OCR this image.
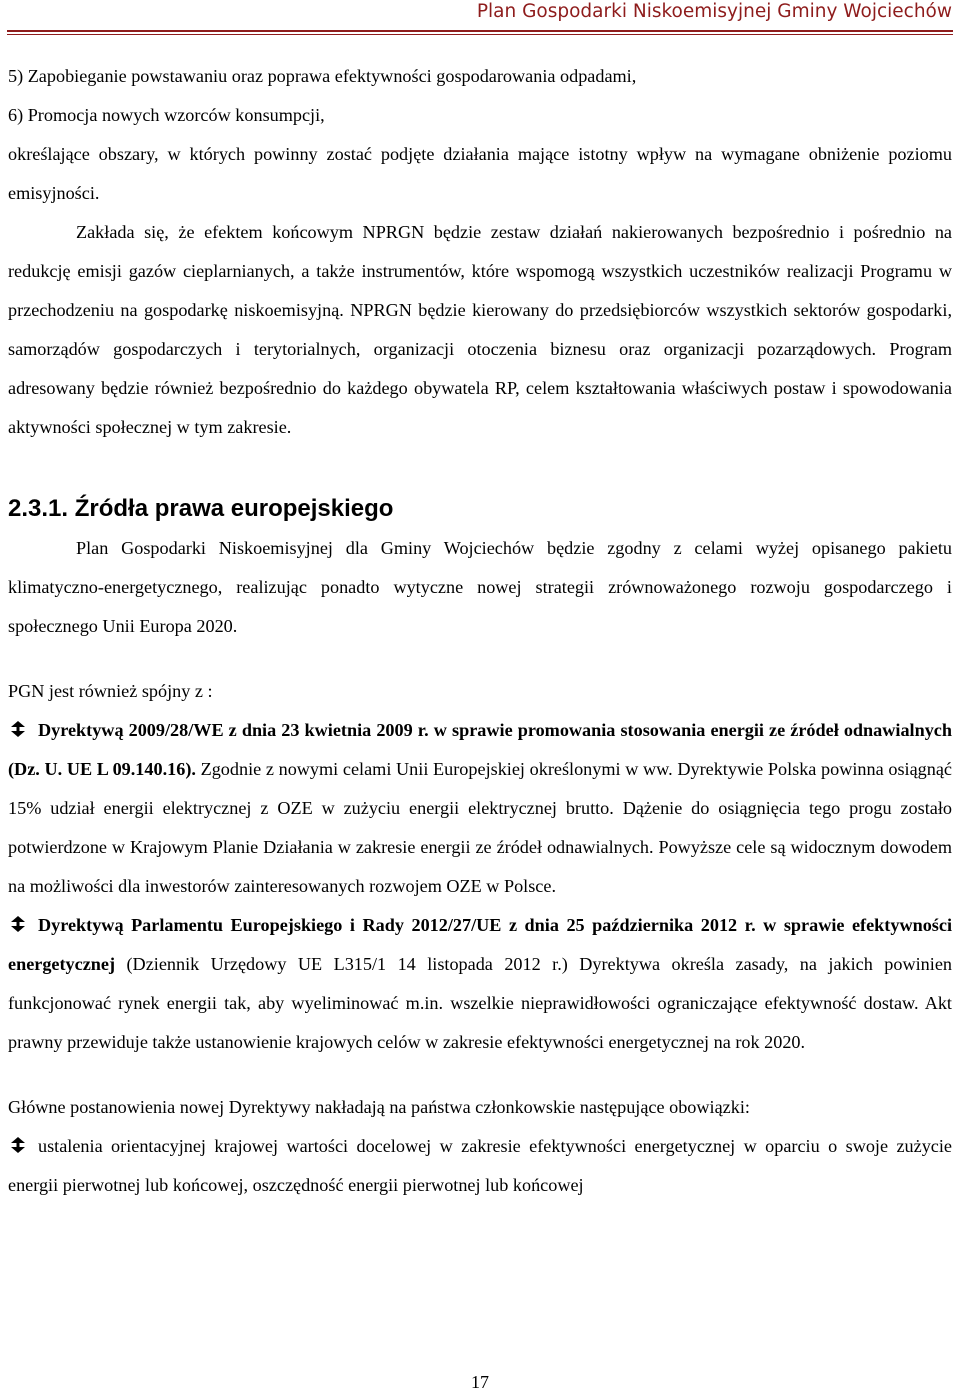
Plan Gospodarki Niskoemisyjnej Gminy Wojciechów

5) Zapobieganie powstawaniu oraz poprawa efektywności gospodarowania odpadami,

6) Promocja nowych wzorców konsumpcji,

określające obszary, w których powinny zostać podjęte działania mające istotny wpływ na wymagane obniżenie poziomu emisyjności.

Zakłada się, że efektem końcowym NPRGN będzie zestaw działań nakierowanych bezpośrednio i pośrednio na redukcję emisji gazów cieplarnianych, a także instrumentów, które wspomogą wszystkich uczestników realizacji Programu w przechodzeniu na gospodarkę niskoemisyjną. NPRGN będzie kierowany do przedsiębiorców wszystkich sektorów gospodarki, samorządów gospodarczych i terytorialnych, organizacji otoczenia biznesu oraz organizacji pozarządowych. Program adresowany będzie również bezpośrednio do każdego obywatela RP, celem kształtowania właściwych postaw i spowodowania aktywności społecznej w tym zakresie.

2.3.1. Źródła prawa europejskiego

Plan Gospodarki Niskoemisyjnej dla Gminy Wojciechów będzie zgodny z celami wyżej opisanego pakietu klimatyczno-energetycznego, realizując ponadto wytyczne nowej strategii zrównoważonego rozwoju gospodarczego i społecznego Unii Europa 2020.

PGN jest również spójny z :

Dyrektywą 2009/28/WE z dnia 23 kwietnia 2009 r. w sprawie promowania stosowania energii ze źródeł odnawialnych (Dz. U. UE L 09.140.16). Zgodnie z nowymi celami Unii Europejskiej określonymi w ww. Dyrektywie Polska powinna osiągnąć 15% udział energii elektrycznej z OZE w zużyciu energii elektrycznej brutto. Dążenie do osiągnięcia tego progu zostało potwierdzone w Krajowym Planie Działania w zakresie energii ze źródeł odnawialnych. Powyższe cele są widocznym dowodem na możliwości dla inwestorów zainteresowanych rozwojem OZE w Polsce.

Dyrektywą Parlamentu Europejskiego i Rady 2012/27/UE z dnia 25 października 2012 r. w sprawie efektywności energetycznej (Dziennik Urzędowy UE L315/1 14 listopada 2012 r.) Dyrektywa określa zasady, na jakich powinien funkcjonować rynek energii tak, aby wyeliminować m.in. wszelkie nieprawidłowości ograniczające efektywność dostaw. Akt prawny przewiduje także ustanowienie krajowych celów w zakresie efektywności energetycznej na rok 2020.

Główne postanowienia nowej Dyrektywy nakładają na państwa członkowskie następujące obowiązki:

ustalenia orientacyjnej krajowej wartości docelowej w zakresie efektywności energetycznej w oparciu o swoje zużycie energii pierwotnej lub końcowej, oszczędność energii pierwotnej lub końcowej

17
